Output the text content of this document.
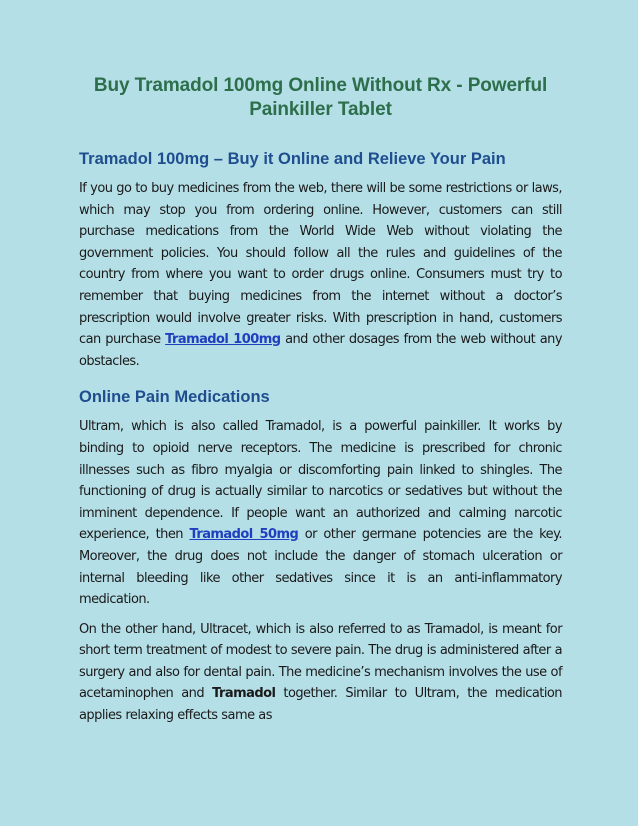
Buy Tramadol 100mg Online Without Rx - Powerful Painkiller Tablet
Tramadol 100mg – Buy it Online and Relieve Your Pain

If you go to buy medicines from the web, there will be some restrictions or laws, which may stop you from ordering online. However, customers can still purchase medications from the World Wide Web without violating the government policies. You should follow all the rules and guidelines of the country from where you want to order drugs online. Consumers must try to remember that buying medicines from the internet without a doctor’s prescription would involve greater risks. With prescription in hand, customers can purchase Tramadol 100mg and other dosages from the web without any obstacles.

Online Pain Medications

Ultram, which is also called Tramadol, is a powerful painkiller. It works by binding to opioid nerve receptors. The medicine is prescribed for chronic illnesses such as fibro myalgia or discomforting pain linked to shingles. The functioning of drug is actually similar to narcotics or sedatives but without the imminent dependence. If people want an authorized and calming narcotic experience, then Tramadol 50mg or other germane potencies are the key. Moreover, the drug does not include the danger of stomach ulceration or internal bleeding like other sedatives since it is an anti-inflammatory medication.

On the other hand, Ultracet, which is also referred to as Tramadol, is meant for short term treatment of modest to severe pain. The drug is administered after a surgery and also for dental pain. The medicine’s mechanism involves the use of acetaminophen and Tramadol together. Similar to Ultram, the medication applies relaxing effects same as
